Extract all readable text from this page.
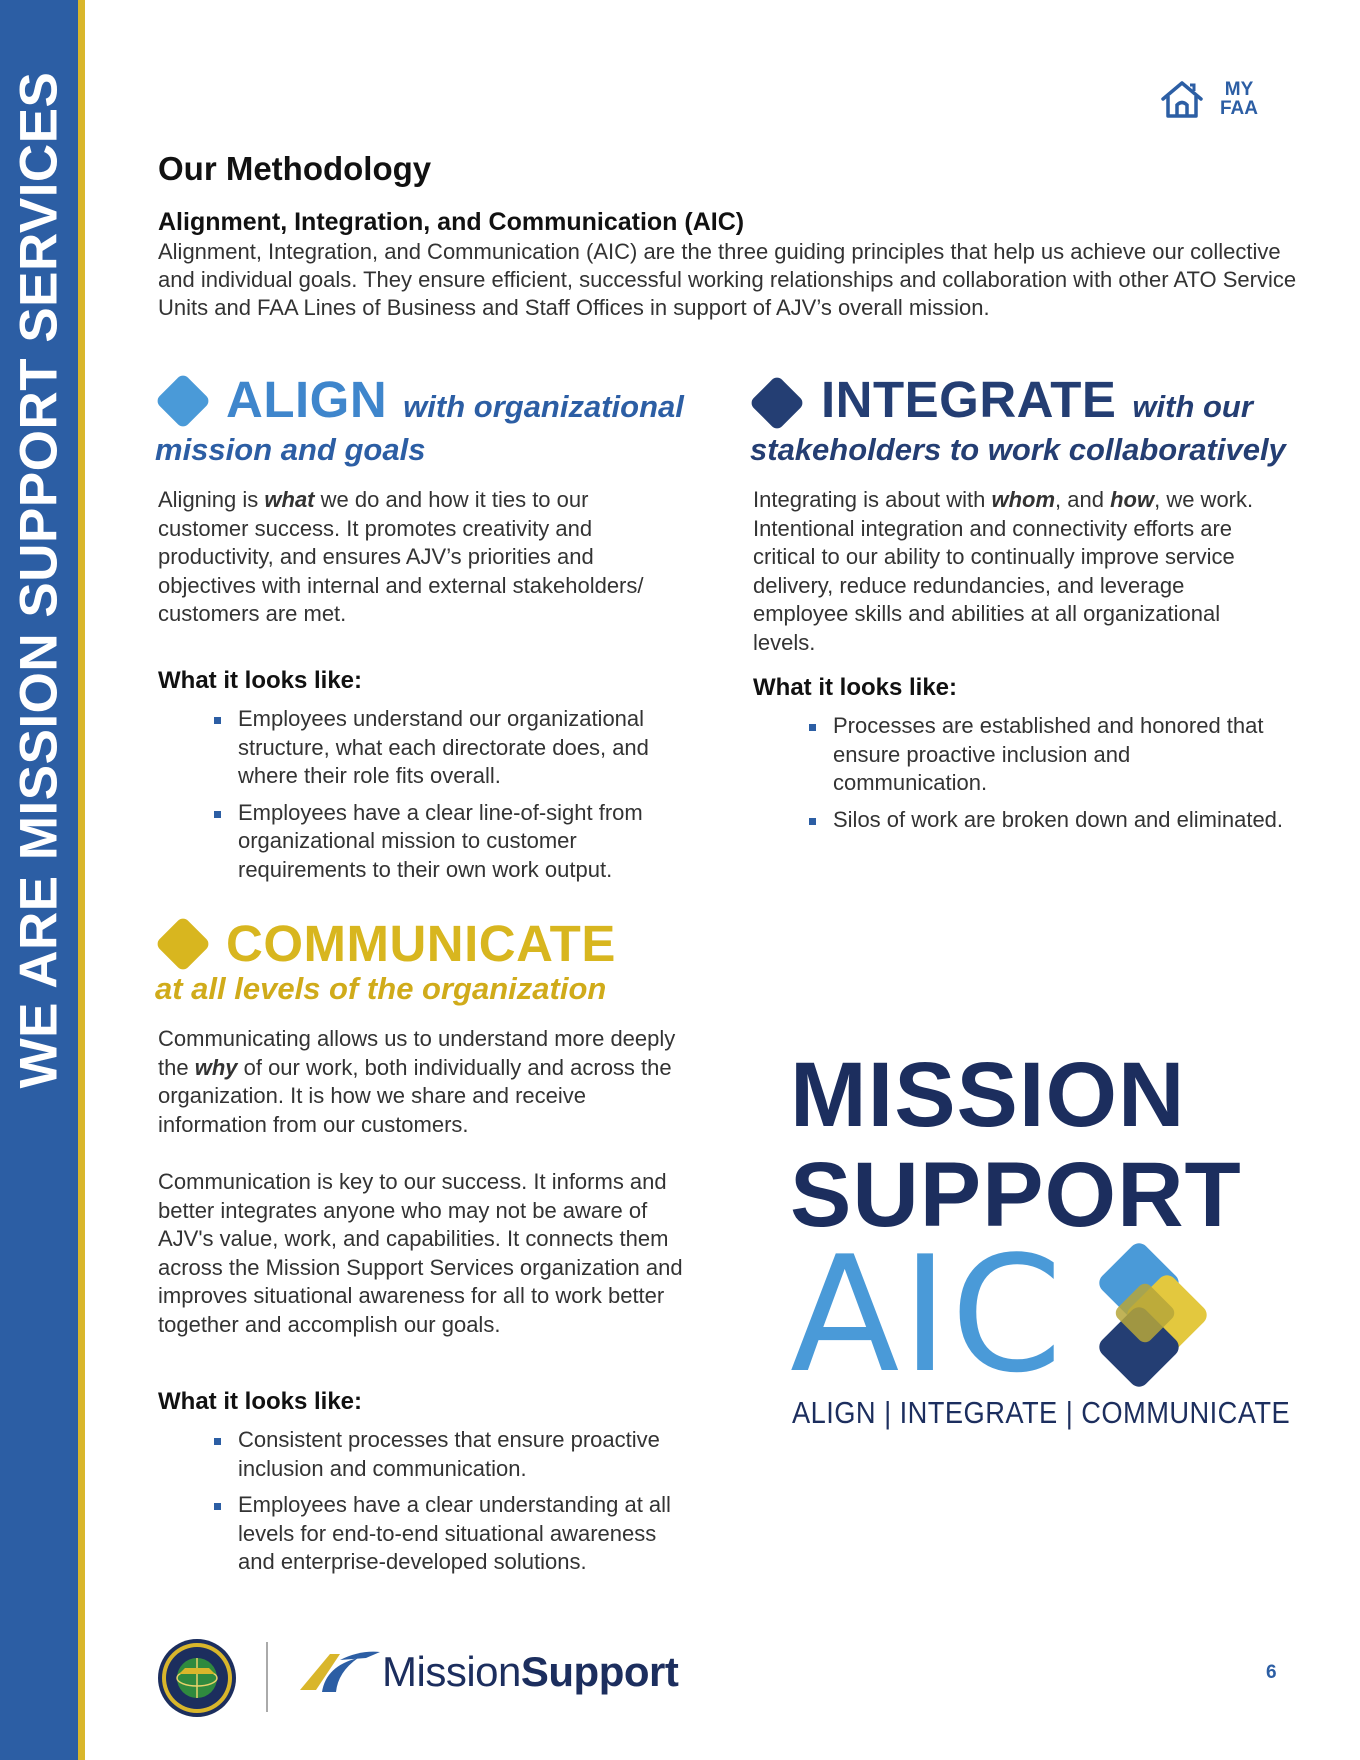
WE ARE MISSION SUPPORT SERVICES	MY
FAA
Our Methodology
Alignment, Integration, and Communication (AIC)
Alignment, Integration, and Communication (AIC) are the three guiding principles that help us achieve our collective and individual goals. They ensure efficient, successful working relationships and collaboration with other ATO Service Units and FAA Lines of Business and Staff Offices in support of AJV’s overall mission.
ALIGN with organizational
mission and goals
Aligning is what we do and how it ties to our customer success. It promotes creativity and productivity, and ensures AJV’s priorities and objectives with internal and external stakeholders/ customers are met.
What it looks like:
Employees understand our organizational structure, what each directorate does, and where their role fits overall.
Employees have a clear line-of-sight from organizational mission to customer requirements to their own work output.
INTEGRATE with our
stakeholders to work collaboratively
Integrating is about with whom, and how, we work. Intentional integration and connectivity efforts are critical to our ability to continually improve service delivery, reduce redundancies, and leverage employee skills and abilities at all organizational levels.
What it looks like:
Processes are established and honored that ensure proactive inclusion and communication.
Silos of work are broken down and eliminated.
COMMUNICATE
at all levels of the organization
Communicating allows us to understand more deeply the why of our work, both individually and across the organization. It is how we share and receive information from our customers.
Communication is key to our success. It informs and better integrates anyone who may not be aware of AJV's value, work, and capabilities. It connects them across the Mission Support Services organization and improves situational awareness for all to work better together and accomplish our goals.
What it looks like:
Consistent processes that ensure proactive inclusion and communication.
Employees have a clear understanding at all levels for end-to-end situational awareness and enterprise-developed solutions.
MISSION
SUPPORT
AIC
ALIGN | INTEGRATE | COMMUNICATE
MissionSupport	6
